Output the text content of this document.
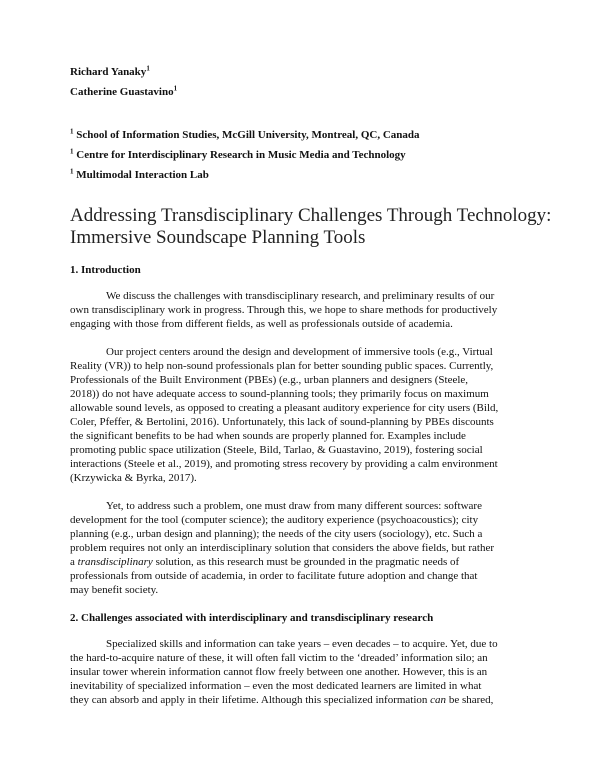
Richard Yanaky$^1$
Catherine Guastavino$^1$
$^1$ School of Information Studies, McGill University, Montreal, QC, Canada
$^1$ Centre for Interdisciplinary Research in Music Media and Technology
$^1$ Multimodal Interaction Lab
Addressing Transdisciplinary Challenges Through Technology:
Immersive Soundscape Planning Tools
1. Introduction
We discuss the challenges with transdisciplinary research, and preliminary results of our
own transdisciplinary work in progress. Through this, we hope to share methods for productively
engaging with those from different fields, as well as professionals outside of academia.
Our project centers around the design and development of immersive tools (e.g., Virtual
Reality (VR)) to help non-sound professionals plan for better sounding public spaces. Currently,
Professionals of the Built Environment (PBEs) (e.g., urban planners and designers (Steele,
2018)) do not have adequate access to sound-planning tools; they primarily focus on maximum
allowable sound levels, as opposed to creating a pleasant auditory experience for city users (Bild,
Coler, Pfeffer, & Bertolini, 2016). Unfortunately, this lack of sound-planning by PBEs discounts
the significant benefits to be had when sounds are properly planned for. Examples include
promoting public space utilization (Steele, Bild, Tarlao, & Guastavino, 2019), fostering social
interactions (Steele et al., 2019), and promoting stress recovery by providing a calm environment
(Krzywicka & Byrka, 2017).
Yet, to address such a problem, one must draw from many different sources: software
development for the tool (computer science); the auditory experience (psychoacoustics); city
planning (e.g., urban design and planning); the needs of the city users (sociology), etc. Such a
problem requires not only an interdisciplinary solution that considers the above fields, but rather
a transdisciplinary solution, as this research must be grounded in the pragmatic needs of
professionals from outside of academia, in order to facilitate future adoption and change that
may benefit society.
2. Challenges associated with interdisciplinary and transdisciplinary research
Specialized skills and information can take years – even decades – to acquire. Yet, due to
the hard-to-acquire nature of these, it will often fall victim to the ‘dreaded’ information silo; an
insular tower wherein information cannot flow freely between one another. However, this is an
inevitability of specialized information – even the most dedicated learners are limited in what
they can absorb and apply in their lifetime. Although this specialized information can be shared,
